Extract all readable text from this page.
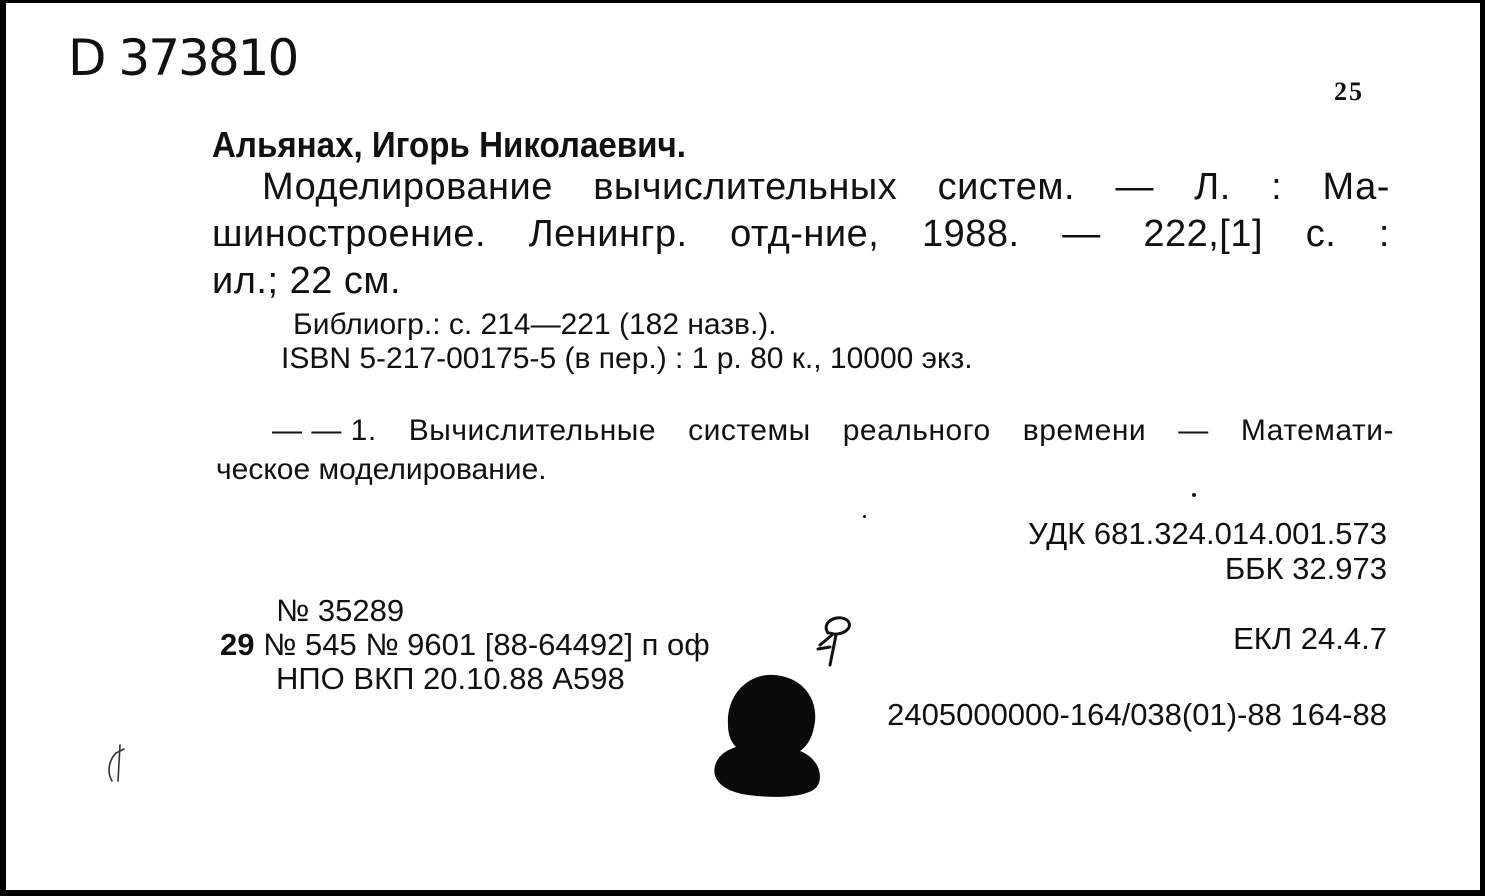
D 373810
25
Альянах, Игорь Николаевич.
Моделирование вычислительных систем. — Л. : Ма-
шиностроение. Ленингр. отд-ние, 1988. — 222,[1] с. :
ил.; 22 см.
Библиогр.: с. 214—221 (182 назв.).
ISBN 5-217-00175-5 (в пер.) : 1 р. 80 к., 10000 экз.
— — 1. Вычислительные системы реального времени — Математи-
ческое моделирование.
УДК 681.324.014.001.573
ББК 32.973
ЕКЛ 24.4.7
2405000000-164/038(01)-88 164-88
№ 35289
29 № 545 № 9601 [88-64492] п оф
НПО ВКП 20.10.88 А598
